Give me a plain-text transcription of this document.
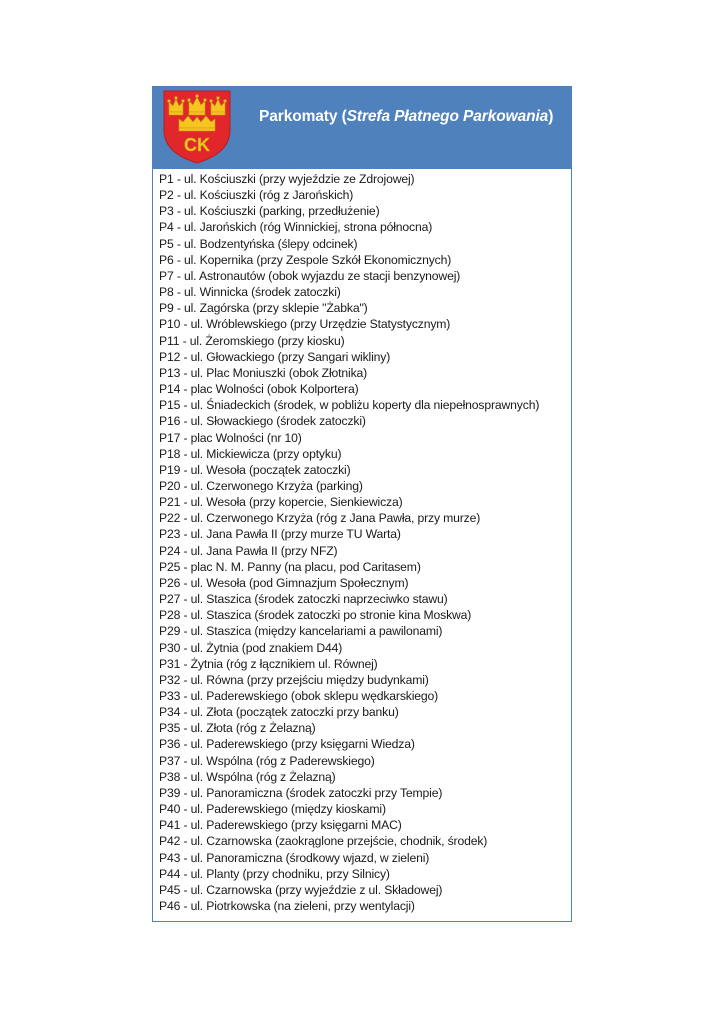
CK
Parkomaty (Strefa Płatnego Parkowania)
P1 - ul. Kościuszki (przy wyjeździe ze Zdrojowej)
P2 - ul. Kościuszki (róg z Jarońskich)
P3 - ul. Kościuszki (parking, przedłużenie)
P4 - ul. Jarońskich (róg Winnickiej, strona północna)
P5 - ul. Bodzentyńska (ślepy odcinek)
P6 - ul. Kopernika (przy Zespole Szkół Ekonomicznych)
P7 - ul. Astronautów (obok wyjazdu ze stacji benzynowej)
P8 - ul. Winnicka (środek zatoczki)
P9 - ul. Zagórska (przy sklepie "Żabka")
P10 - ul. Wróblewskiego (przy Urzędzie Statystycznym)
P11 - ul. Żeromskiego (przy kiosku)
P12 - ul. Głowackiego (przy Sangari wikliny)
P13 - ul. Plac Moniuszki (obok Złotnika)
P14 - plac Wolności (obok Kolportera)
P15 - ul. Śniadeckich (środek, w pobliżu koperty dla niepełnosprawnych)
P16 - ul. Słowackiego (środek zatoczki)
P17 - plac Wolności (nr 10)
P18 - ul. Mickiewicza (przy optyku)
P19 - ul. Wesoła (początek zatoczki)
P20 - ul. Czerwonego Krzyża (parking)
P21 - ul. Wesoła (przy kopercie, Sienkiewicza)
P22 - ul. Czerwonego Krzyża (róg z Jana Pawła, przy murze)
P23 - ul. Jana Pawła II (przy murze TU Warta)
P24 - ul. Jana Pawła II (przy NFZ)
P25 - plac N. M. Panny (na placu, pod Caritasem)
P26 - ul. Wesoła (pod Gimnazjum Społecznym)
P27 - ul. Staszica (środek zatoczki naprzeciwko stawu)
P28 - ul. Staszica (środek zatoczki po stronie kina Moskwa)
P29 - ul. Staszica (między kancelariami a pawilonami)
P30 - ul. Żytnia (pod znakiem D44)
P31 - Żytnia (róg z łącznikiem ul. Równej)
P32 - ul. Równa (przy przejściu między budynkami)
P33 - ul. Paderewskiego (obok sklepu wędkarskiego)
P34 - ul. Złota (początek zatoczki przy banku)
P35 - ul. Złota (róg z Żelazną)
P36 - ul. Paderewskiego (przy księgarni Wiedza)
P37 - ul. Wspólna (róg z Paderewskiego)
P38 - ul. Wspólna (róg z Żelazną)
P39 - ul. Panoramiczna (środek zatoczki przy Tempie)
P40 - ul. Paderewskiego (między kioskami)
P41 - ul. Paderewskiego (przy księgarni MAC)
P42 - ul. Czarnowska (zaokrąglone przejście, chodnik, środek)
P43 - ul. Panoramiczna (środkowy wjazd, w zieleni)
P44 - ul. Planty (przy chodniku, przy Silnicy)
P45 - ul. Czarnowska (przy wyjeździe z ul. Składowej)
P46 - ul. Piotrkowska (na zieleni, przy wentylacji)
